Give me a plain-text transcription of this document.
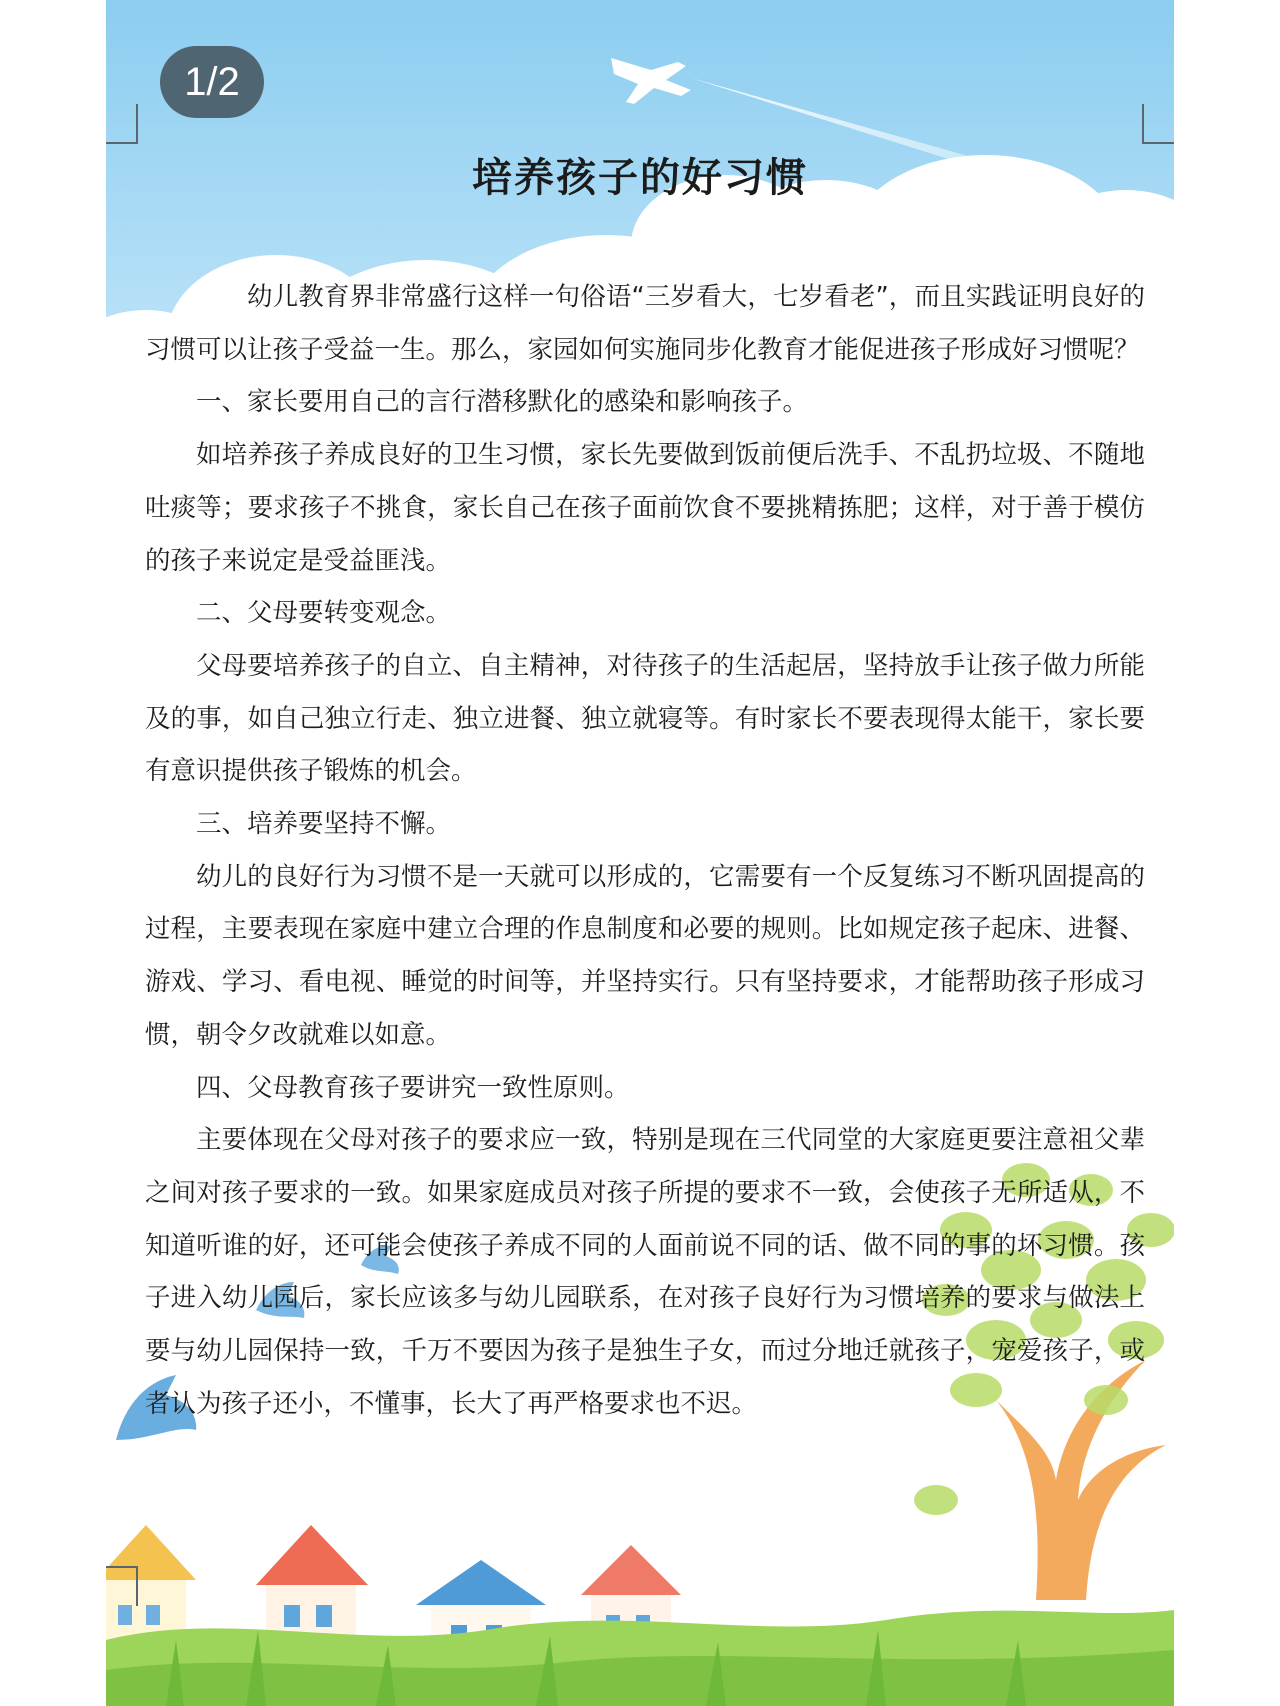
1/2
培养孩子的好习惯

幼儿教育界非常盛行这样一句俗语“三岁看大，七岁看老”，而且实践证明良好的习惯可以让孩子受益一生。那么，家园如何实施同步化教育才能促进孩子形成好习惯呢？

一、家长要用自己的言行潜移默化的感染和影响孩子。

如培养孩子养成良好的卫生习惯，家长先要做到饭前便后洗手、不乱扔垃圾、不随地吐痰等；要求孩子不挑食，家长自己在孩子面前饮食不要挑精拣肥；这样，对于善于模仿的孩子来说定是受益匪浅。

二、父母要转变观念。

父母要培养孩子的自立、自主精神，对待孩子的生活起居，坚持放手让孩子做力所能及的事，如自己独立行走、独立进餐、独立就寝等。有时家长不要表现得太能干，家长要有意识提供孩子锻炼的机会。

三、培养要坚持不懈。

幼儿的良好行为习惯不是一天就可以形成的，它需要有一个反复练习不断巩固提高的过程，主要表现在家庭中建立合理的作息制度和必要的规则。比如规定孩子起床、进餐、游戏、学习、看电视、睡觉的时间等，并坚持实行。只有坚持要求，才能帮助孩子形成习惯，朝令夕改就难以如意。

四、父母教育孩子要讲究一致性原则。

主要体现在父母对孩子的要求应一致，特别是现在三代同堂的大家庭更要注意祖父辈之间对孩子要求的一致。如果家庭成员对孩子所提的要求不一致，会使孩子无所适从，不知道听谁的好，还可能会使孩子养成不同的人面前说不同的话、做不同的事的坏习惯。孩子进入幼儿园后，家长应该多与幼儿园联系，在对孩子良好行为习惯培养的要求与做法上要与幼儿园保持一致，千万不要因为孩子是独生子女，而过分地迁就孩子，宠爱孩子，或者认为孩子还小，不懂事，长大了再严格要求也不迟。
